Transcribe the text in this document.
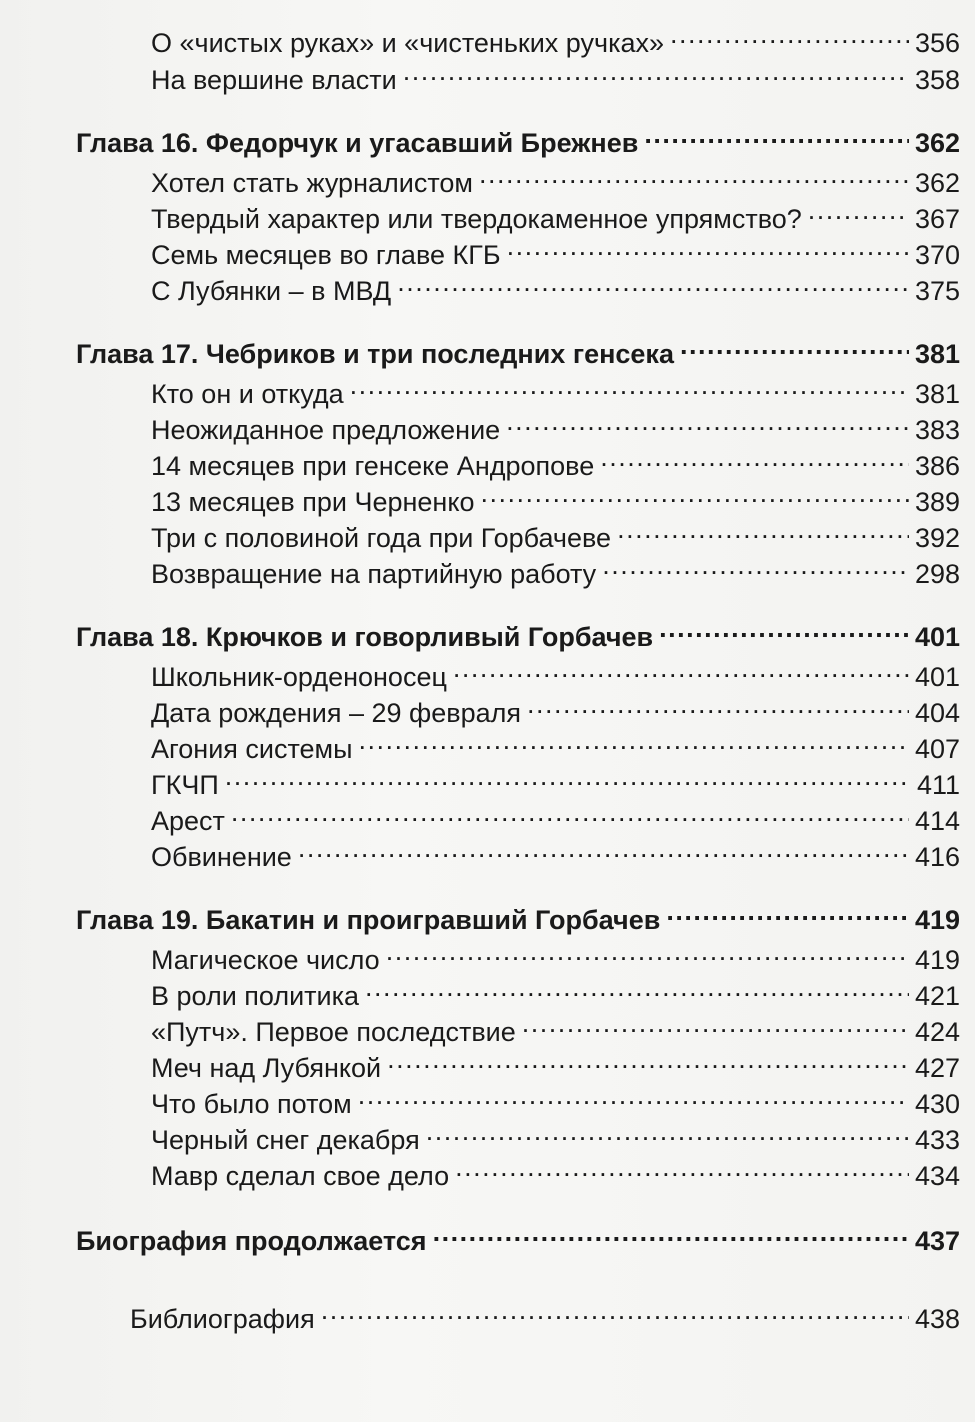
О «чистых руках» и «чистеньких ручках» . . .	356
На вершине власти . . .	358
Глава 16. Федорчук и угасавший Брежнев . . .	362
Хотел стать журналистом . . .	362
Твердый характер или твердокаменное упрямство? . . .	367
Семь месяцев во главе КГБ . . .	370
С Лубянки – в МВД . . .	375
Глава 17. Чебриков и три последних генсека . . .	381
Кто он и откуда . . .	381
Неожиданное предложение . . .	383
14 месяцев при генсеке Андропове . . .	386
13 месяцев при Черненко . . .	389
Три с половиной года при Горбачеве . . .	392
Возвращение на партийную работу . . .	298
Глава 18. Крючков и говорливый Горбачев . . .	401
Школьник-орденоносец . . .	401
Дата рождения – 29 февраля . . .	404
Агония системы . . .	407
ГКЧП . . .	411
Арест . . .	414
Обвинение . . .	416
Глава 19. Бакатин и проигравший Горбачев . . .	419
Магическое число . . .	419
В роли политика . . .	421
«Путч». Первое последствие . . .	424
Меч над Лубянкой . . .	427
Что было потом . . .	430
Черный снег декабря . . .	433
Мавр сделал свое дело . . .	434
Биография продолжается . . .	437
Библиография . . .	438
